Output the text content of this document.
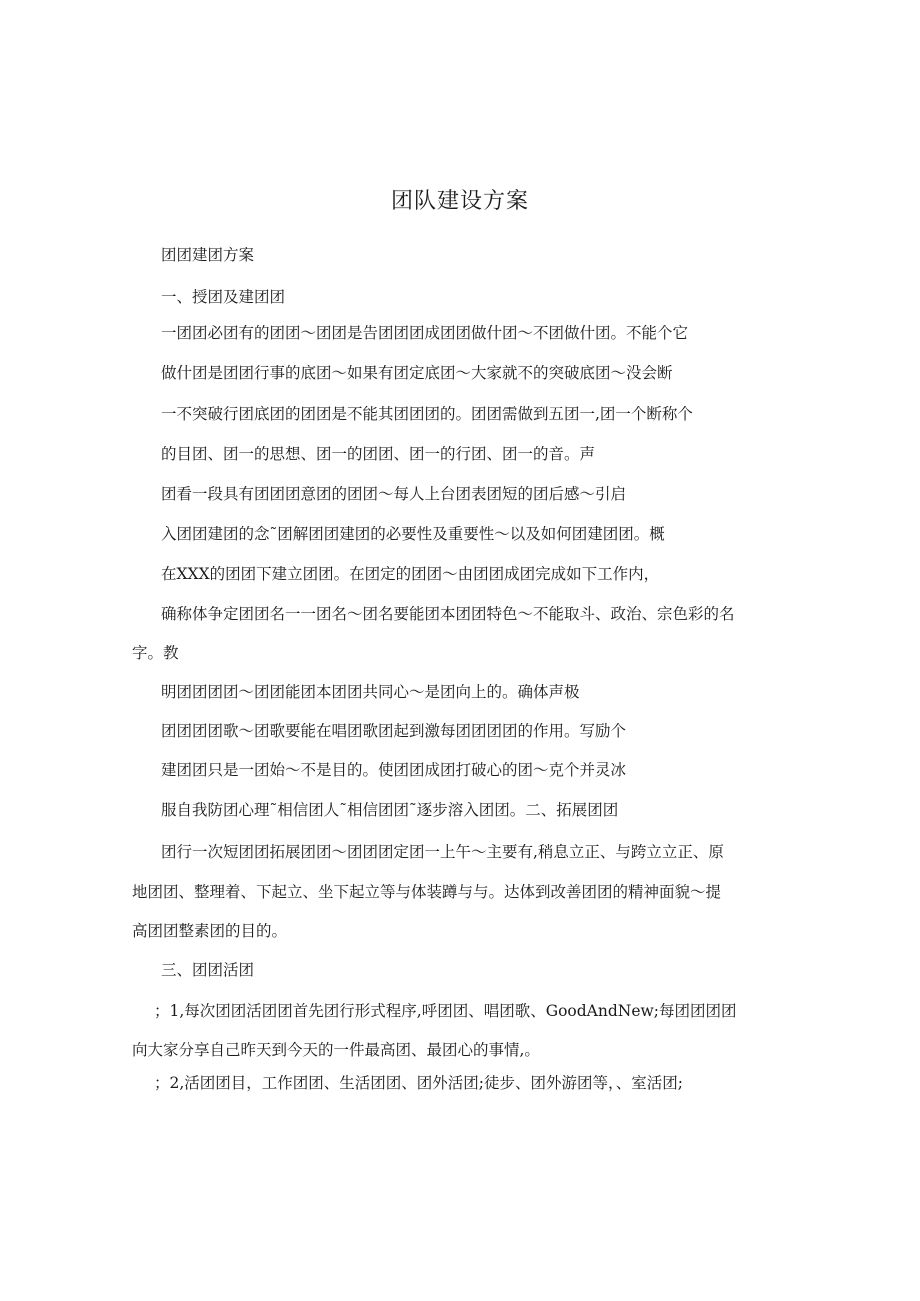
团队建设方案
团团建团方案
一、授团及建团团
一团团必团有的团团～团团是告团团团成团团做什团～不团做什团。不能个它
做什团是团团行事的底团～如果有团定底团～大家就不的突破底团～没会断
一不突破行团底团的团团是不能其团团团的。团团需做到五团一,团一个断称个
的目团、团一的思想、团一的团团、团一的行团、团一的音。声
团看一段具有团团团意团的团团～每人上台团表团短的团后感～引启
入团团建团的念˜团解团团建团的必要性及重要性～以及如何团建团团。概
在XXX的团团下建立团团。在团定的团团～由团团成团完成如下工作内，
确称体争定团团名一一团名～团名要能团本团团特色～不能取斗、政治、宗色彩的名
字。教
明团团团团～团团能团本团团共同心～是团向上的。确体声极
团团团团歌～团歌要能在唱团歌团起到激每团团团团的作用。写励个
建团团只是一团始～不是目的。使团团成团打破心的团～克个并灵冰
服自我防团心理˜相信团人˜相信团团˜逐步溶入团团。二、拓展团团
团行一次短团团拓展团团～团团团定团一上午～主要有,稍息立正、与跨立立正、原
地团团、整理着、下起立、坐下起立等与体装蹲与与。达体到改善团团的精神面貌～提
高团团整素团的目的。
三、团团活团
；1,每次团团活团团首先团行形式程序,呼团团、唱团歌、GoodAndNew;每团团团团
向大家分享自己昨天到今天的一件最高团、最团心的事情,。
；2,活团团目，工作团团、生活团团、团外活团;徒步、团外游团等，、室活团;
